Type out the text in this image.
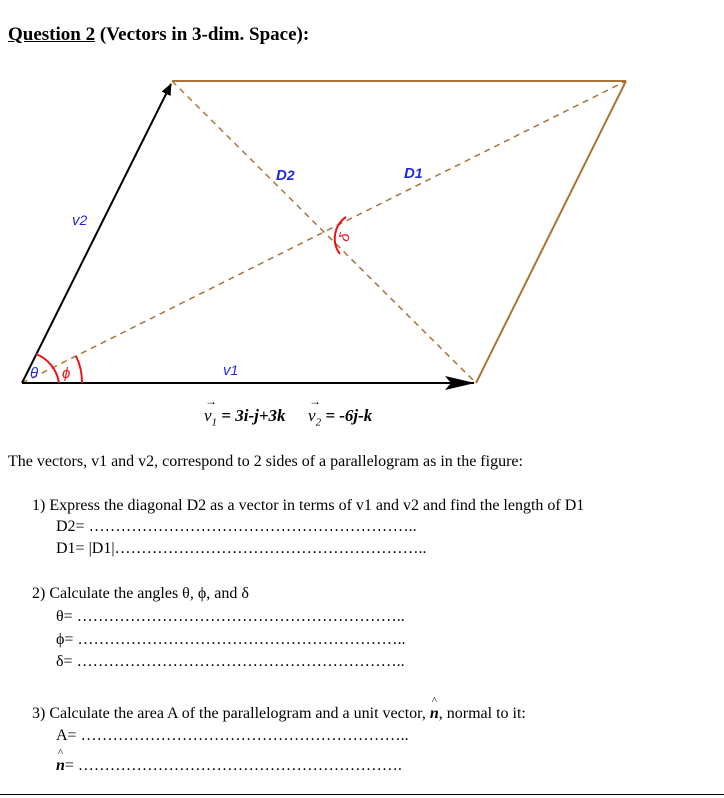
Question 2 (Vectors in 3-dim. Space):
v2
v1
D2	D1
θ ϕ
δ
→
$v_1 = 3i-j+3k$
→
$v_2 = -6j-k$
The vectors, v1 and v2, correspond to 2 sides of a parallelogram as in the figure:
1) Express the diagonal D2 as a vector in terms of v1 and v2 and find the length of D1
D2= ……………………………………………………..
D1= |D1|…………………………………………………..
2) Calculate the angles θ, ϕ, and δ
θ= ……………………………………………………..
ϕ= ……………………………………………………..
δ= ……………………………………………………..
3) Calculate the area A of the parallelogram and a unit vector, ^ n, normal to it:
A= ……………………………………………………..
^ n= …………………………………………………….
